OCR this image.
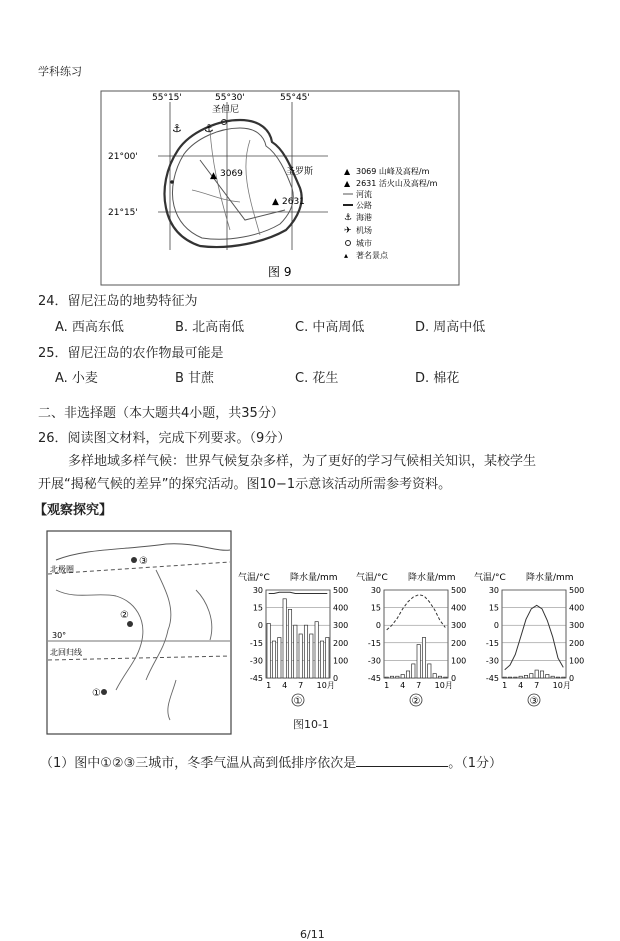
学科练习
55°15'	55°30'	55°45'
21°00'
21°15'
圣但尼
圣罗斯
⚓ ⚓
▲ 3069
▲ 2631
▲ 3069 山峰及高程/m
▲ 2631 活火山及高程/m
河流
公路
⚓ 海港
✈ 机场
城市
▴ 著名景点
图 9
24．留尼汪岛的地势特征为
A. 西高东低	B. 北高南低	C. 中高周低	D. 周高中低
25．留尼汪岛的农作物最可能是
A. 小麦	B 甘蔗	C. 花生	D. 棉花
二、非选择题（本大题共4小题，共35分）
26．阅读图文材料，完成下列要求。（9分）
多样地域多样气候：世界气候复杂多样，为了更好的学习气候相关知识，某校学生
开展“揭秘气候的差异”的探究活动。图10−1示意该活动所需参考资料。
【观察探究】
北极圈
30°
北回归线
③
②
①
气温/°C 降水量/mm
30	500
15	400
0	300
-15	200
-30	100
-45	0
1 4 7 10月
①
气温/°C 降水量/mm
30	500
15	400
0	300
-15	200
-30	100
-45	0
1 4 7 10月
②
气温/°C 降水量/mm
30	500
15	400
0	300
-15	200
-30	100
-45	0
1 4 7 10月
③
图10-1
（1）图中①②③三城市，冬季气温从高到低排序依次是	。（1分）
6/11
